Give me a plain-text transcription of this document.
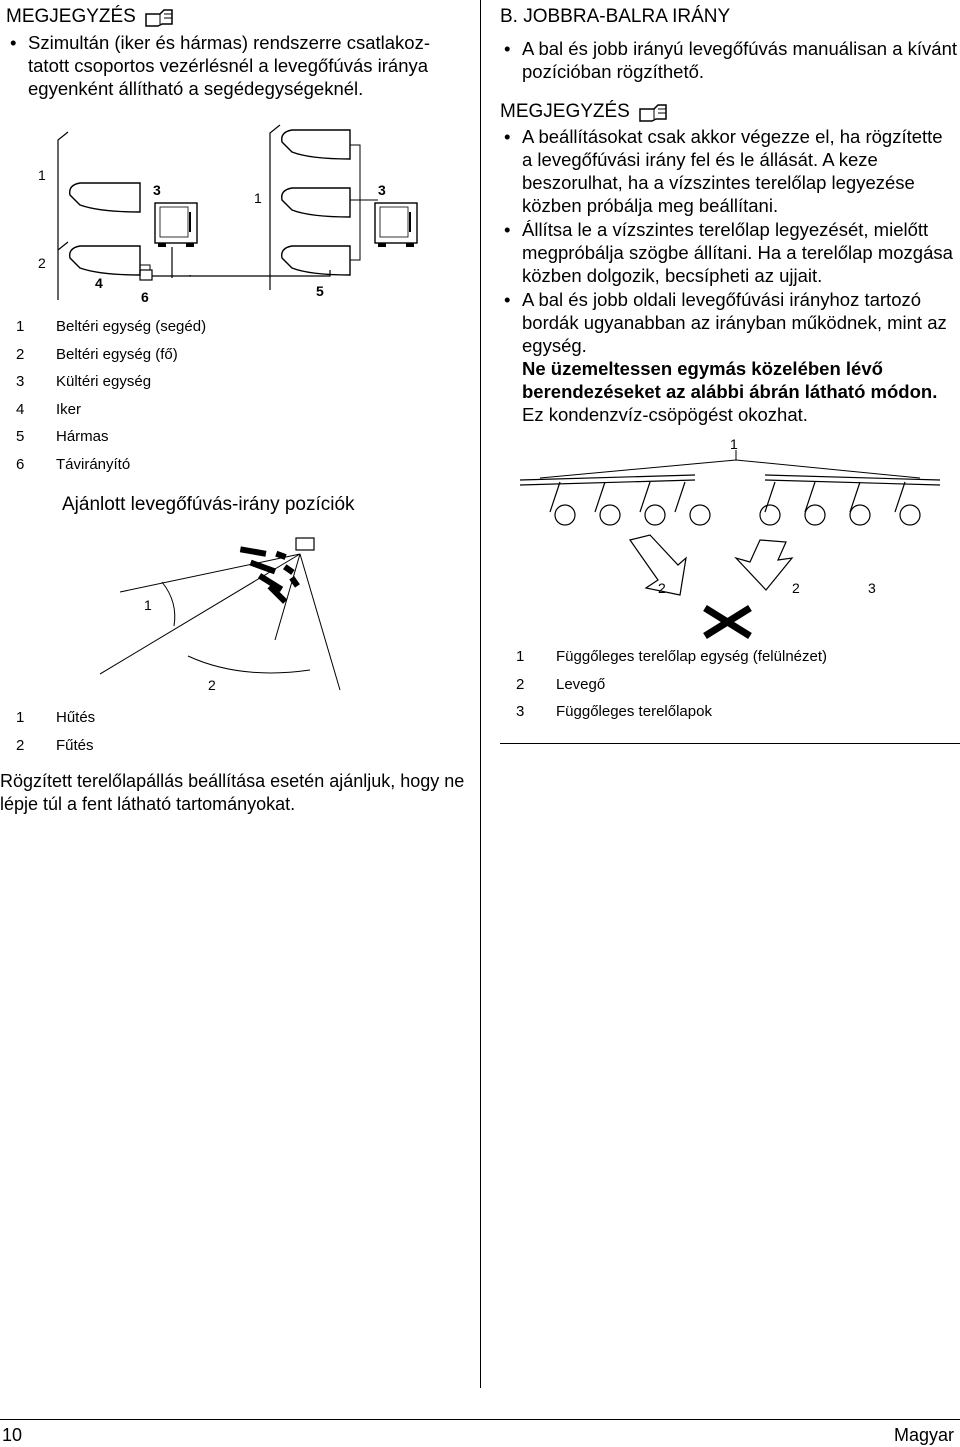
MEGJEGYZÉS
• Szimultán (iker és hármas) rendszerre csatlakoz- tatott csoportos vezérlésnél a levegőfúvás iránya egyenként állítható a segédegységeknél.
1
2
3
4	5
6
1	3
1	Beltéri egység (segéd)
2	Beltéri egység (fő)
3	Kültéri egység
4	Iker
5	Hármas
6	Távirányító
Ajánlott levegőfúvás-irány pozíciók
1
2
1	Hűtés
2	Fűtés
Rögzített terelőlapállás beállítása esetén ajánljuk, hogy ne lépje túl a fent látható tartományokat.
B. JOBBRA-BALRA IRÁNY
• A bal és jobb irányú levegőfúvás manuálisan a kívánt pozícióban rögzíthető.
MEGJEGYZÉS
• A beállításokat csak akkor végezze el, ha rögzítette a levegőfúvási irány fel és le állását. A keze beszorulhat, ha a vízszintes terelőlap legyezése közben próbálja meg beállítani.
• Állítsa le a vízszintes terelőlap legyezését, mielőtt megpróbálja szögbe állítani. Ha a terelőlap mozgása közben dolgozik, becsípheti az ujjait.
• A bal és jobb oldali levegőfúvási irányhoz tartozó bordák ugyanabban az irányban működnek, mint az egység.
Ne üzemeltessen egymás közelében lévő berendezéseket az alábbi ábrán látható módon. Ez kondenzvíz-csöpögést okozhat.
1
2	2	3
1	Függőleges terelőlap egység (felülnézet)
2	Levegő
3	Függőleges terelőlapok
10	Magyar
